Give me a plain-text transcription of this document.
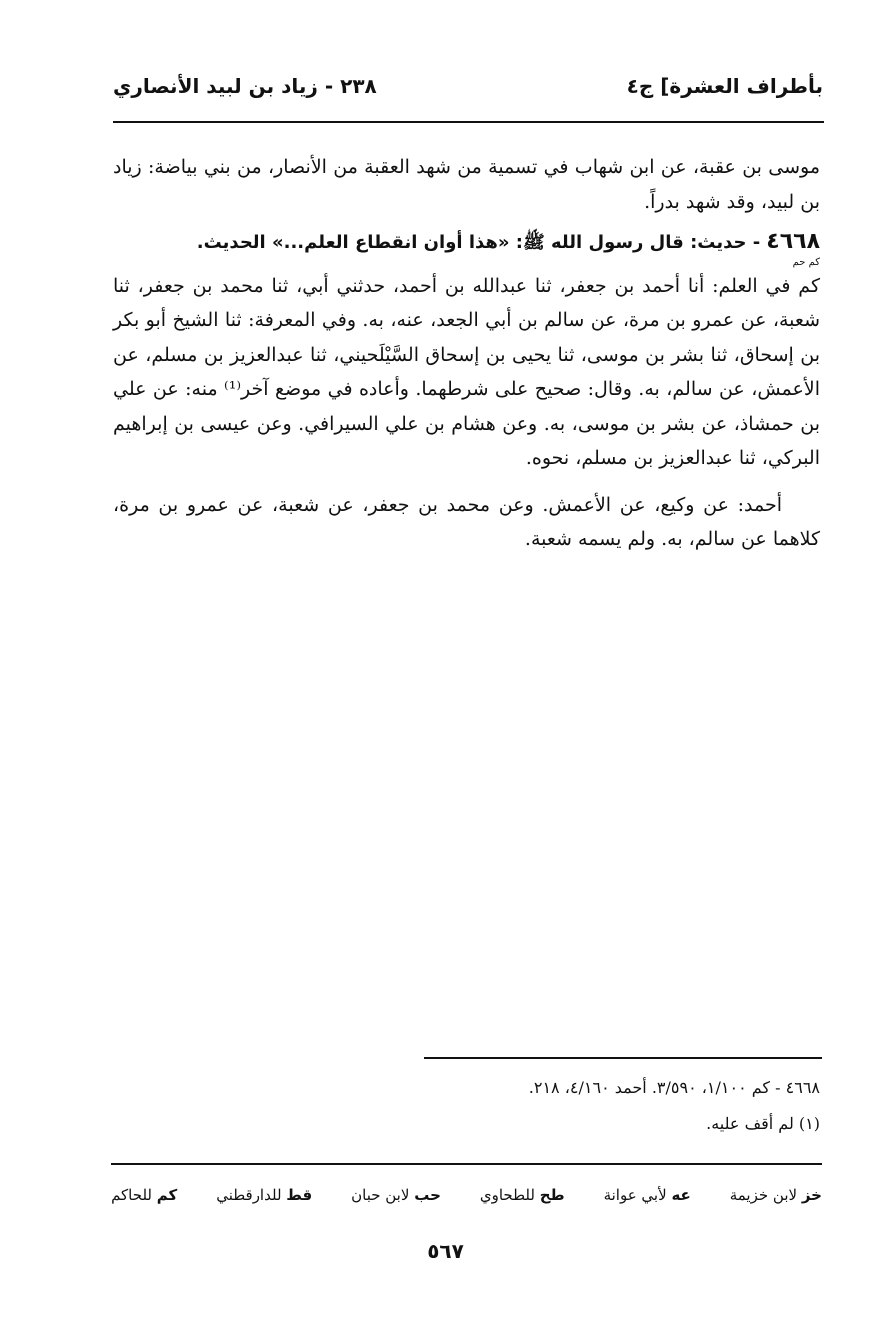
بأطراف العشرة] ج٤
٢٣٨ - زياد بن لبيد الأنصاري

موسى بن عقبة، عن ابن شهاب في تسمية من شهد العقبة من الأنصار، من بني بياضة: زياد بن لبيد، وقد شهد بدراً.

٤٦٦٨ - حديث: قال رسول الله ﷺ: «هذا أوان انقطاع العلم...» الحديث.

كم حم
كم في العلم: أنا أحمد بن جعفر، ثنا عبدالله بن أحمد، حدثني أبي، ثنا محمد بن جعفر، ثنا شعبة، عن عمرو بن مرة، عن سالم بن أبي الجعد، عنه، به. وفي المعرفة: ثنا الشيخ أبو بكر بن إسحاق، ثنا بشر بن موسى، ثنا يحيى بن إسحاق السَّيْلَحيني، ثنا عبدالعزيز بن مسلم، عن الأعمش، عن سالم، به. وقال: صحيح على شرطهما. وأعاده في موضع آخر⁽¹⁾ منه: عن علي بن حمشاذ، عن بشر بن موسى، به. وعن هشام بن علي السيرافي. وعن عيسى بن إبراهيم البركي، ثنا عبدالعزيز بن مسلم، نحوه.

أحمد: عن وكيع، عن الأعمش. وعن محمد بن جعفر، عن شعبة، عن عمرو بن مرة، كلاهما عن سالم، به. ولم يسمه شعبة.

٤٦٦٨ - كم ١/١٠٠، ٣/٥٩٠. أحمد ٤/١٦٠، ٢١٨.
(١) لم أقف عليه.
خز لابن خزيمة
عه لأبي عوانة
طح للطحاوي
حب لابن حبان
قط للدارقطني
كم للحاكم
٥٦٧
